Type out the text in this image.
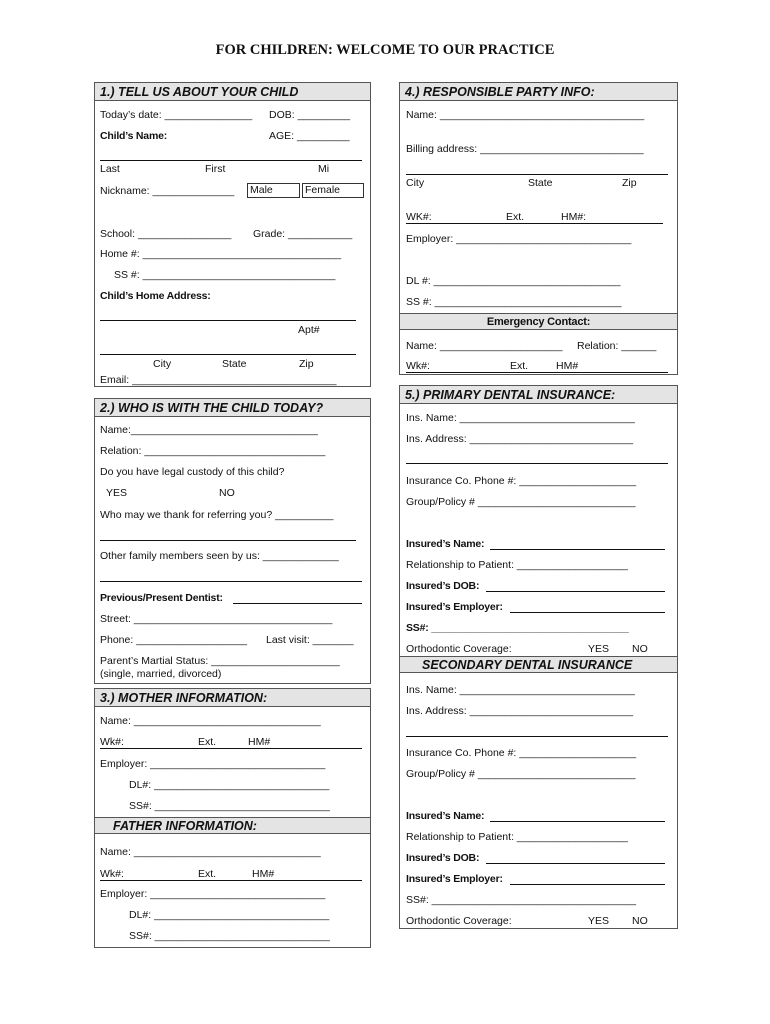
FOR CHILDREN: WELCOME TO OUR PRACTICE
1.) TELL US ABOUT YOUR CHILD
Today’s date: _______________ DOB: _________
Child’s Name:	AGE: _________
Last	First	Mi
Nickname: ______________ Male	Female
School: ________________ Grade: ___________
Home #: __________________________________
SS #: _________________________________
Child’s Home Address:
Apt#
City	State	Zip
Email: ___________________________________
2.) WHO IS WITH THE CHILD TODAY?
Name:________________________________
Relation: _______________________________
Do you have legal custody of this child?
YES	NO
Who may we thank for referring you? __________
Other family members seen by us: _____________
Previous/Present Dentist:
Street: __________________________________
Phone: ___________________ Last visit: _______
Parent’s Martial Status: ______________________
(single, married, divorced)
3.) MOTHER INFORMATION:
Name: ________________________________
Wk#:	Ext.	HM#
Employer: ______________________________
DL#: ______________________________
SS#: ______________________________
FATHER INFORMATION:
Name: ________________________________
Wk#:	Ext.	HM#
Employer: ______________________________
DL#: ______________________________
SS#: ______________________________
4.) RESPONSIBLE PARTY INFO:
Name: ___________________________________
Billing address: ____________________________
City	State	Zip
WK#:	Ext.	HM#:
Employer: ______________________________
DL #: ________________________________
SS #: ________________________________
Emergency Contact:
Name: _____________________ Relation: ______
Wk#:	Ext.	HM#
5.) PRIMARY DENTAL INSURANCE:
Ins. Name: ______________________________
Ins. Address: ____________________________
Insurance Co. Phone #: ____________________
Group/Policy # ___________________________
Insured’s Name:
Relationship to Patient: ___________________
Insured’s DOB:
Insured’s Employer:
SS#: ___________________________________
Orthodontic Coverage:	YES NO
SECONDARY DENTAL INSURANCE
Ins. Name: ______________________________
Ins. Address: ____________________________
Insurance Co. Phone #: ____________________
Group/Policy # ___________________________
Insured’s Name:
Relationship to Patient: ___________________
Insured’s DOB:
Insured’s Employer:
SS#: ___________________________________
Orthodontic Coverage:	YES NO
